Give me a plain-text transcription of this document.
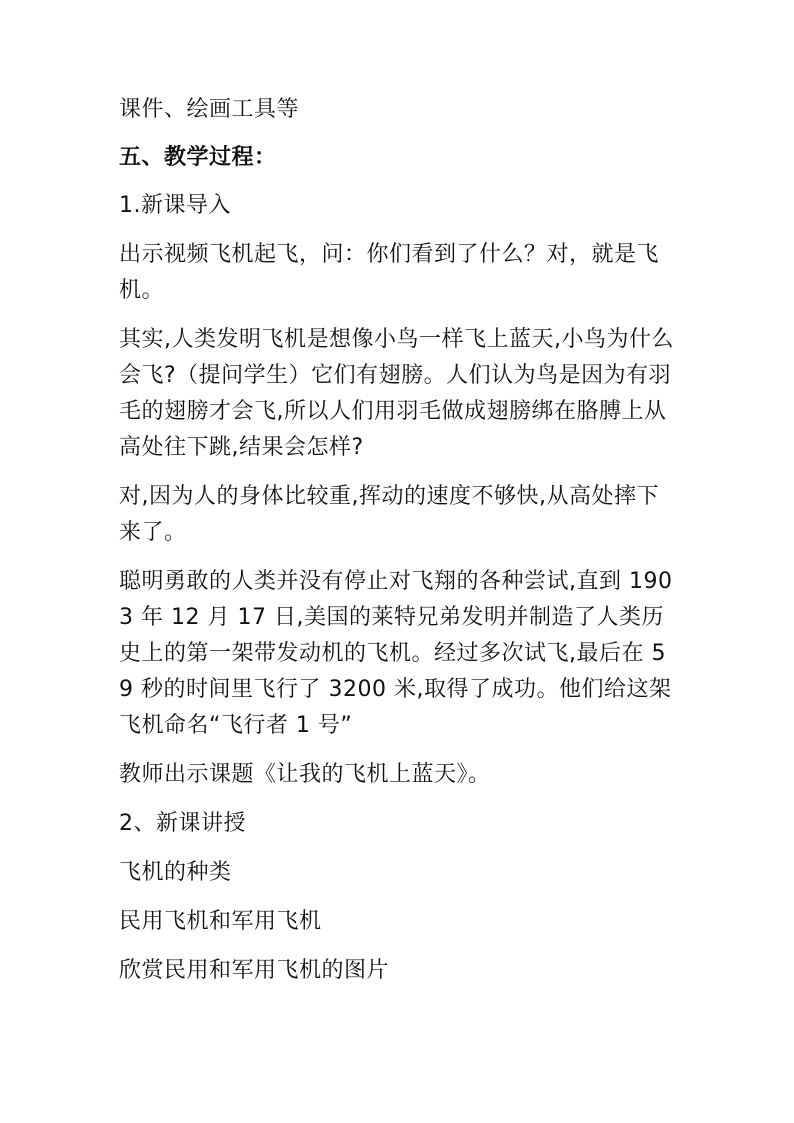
课件、绘画工具等

五、教学过程：

1.新课导入

出示视频飞机起飞，问：你们看到了什么？对，就是飞机。

其实,人类发明飞机是想像小鸟一样飞上蓝天,小鸟为什么会飞?（提问学生）它们有翅膀。人们认为鸟是因为有羽毛的翅膀才会飞,所以人们用羽毛做成翅膀绑在胳膊上从高处往下跳,结果会怎样?

对,因为人的身体比较重,挥动的速度不够快,从高处摔下来了。

聪明勇敢的人类并没有停止对飞翔的各种尝试,直到 1903 年 12 月 17 日,美国的莱特兄弟发明并制造了人类历史上的第一架带发动机的飞机。经过多次试飞,最后在 59 秒的时间里飞行了 3200 米,取得了成功。他们给这架飞机命名“飞行者 1 号”

教师出示课题《让我的飞机上蓝天》。

2、新课讲授

飞机的种类

民用飞机和军用飞机

欣赏民用和军用飞机的图片
